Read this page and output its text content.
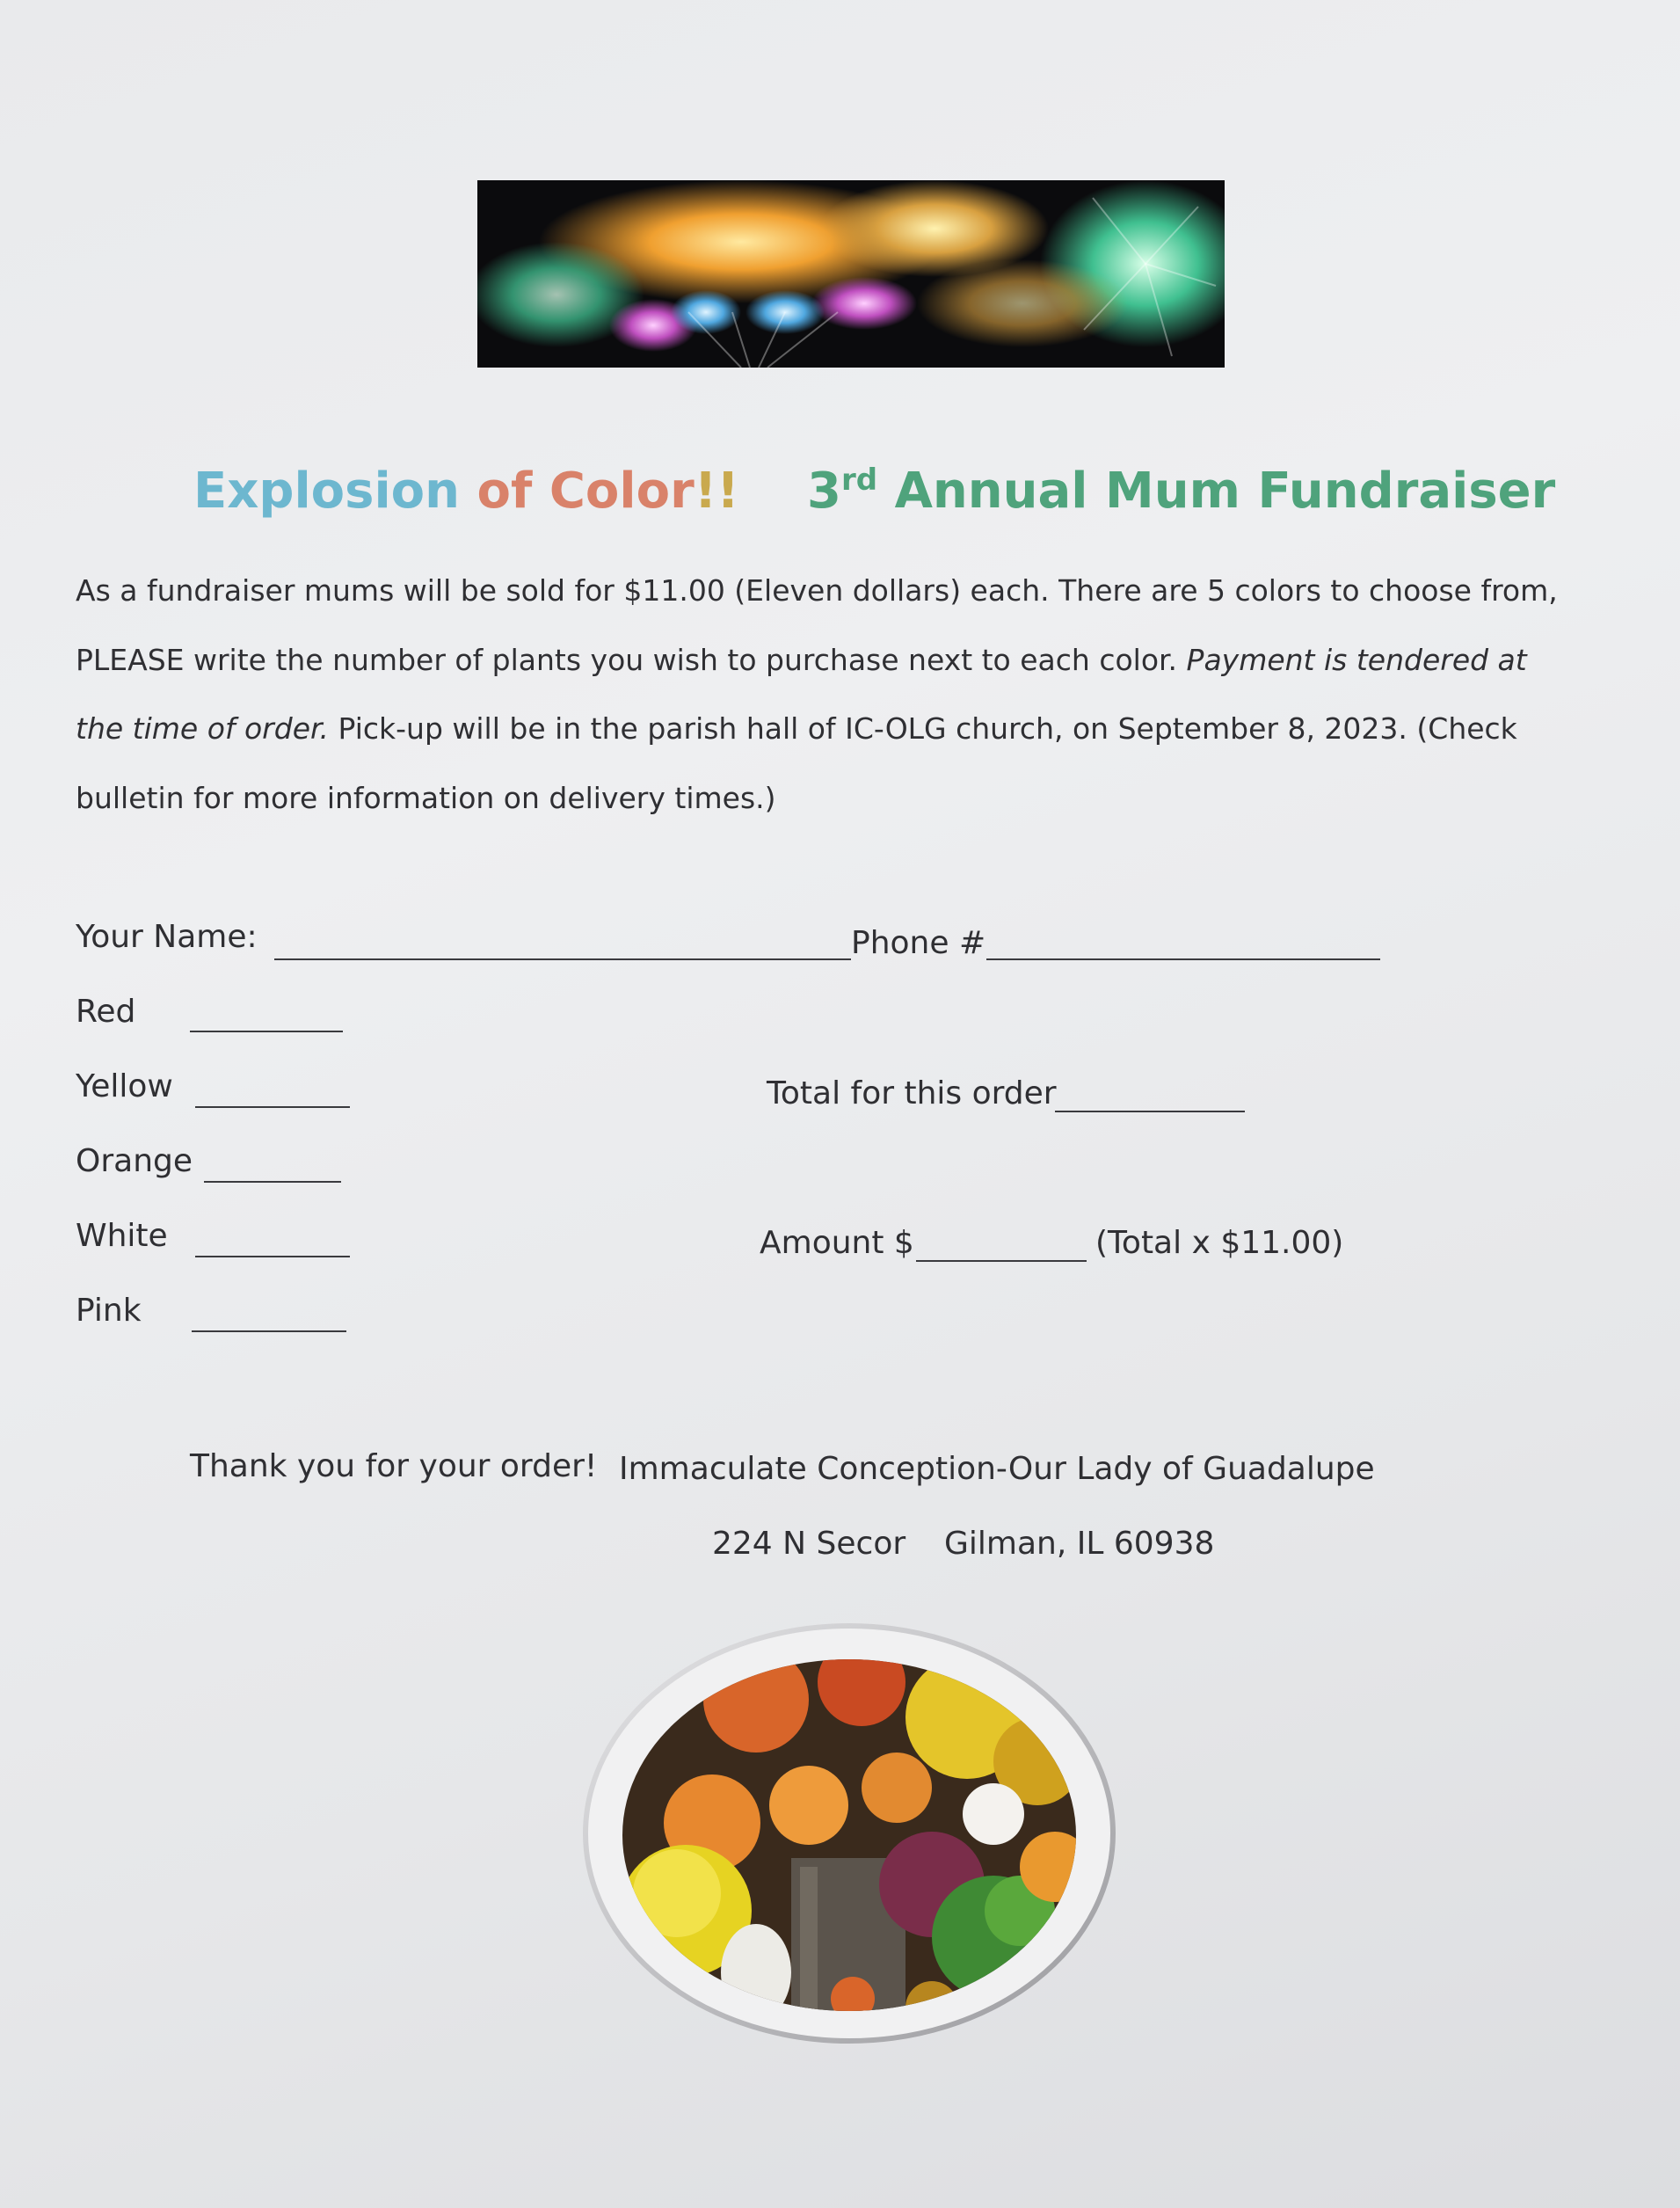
Explosion of Color!! 3rd Annual Mum Fundraiser
As a fundraiser mums will be sold for $11.00 (Eleven dollars) each. There are 5 colors to choose from,
PLEASE write the number of plants you wish to purchase next to each color. Payment is tendered at
the time of order. Pick-up will be in the parish hall of IC-OLG church, on September 8, 2023. (Check
bulletin for more information on delivery times.)
Your Name:	Phone #
Red
Yellow
Orange
White
Pink
Total for this order
Amount $	(Total x $11.00)
Thank you for your order! Immaculate Conception-Our Lady of Guadalupe
224 N Secor Gilman, IL 60938
